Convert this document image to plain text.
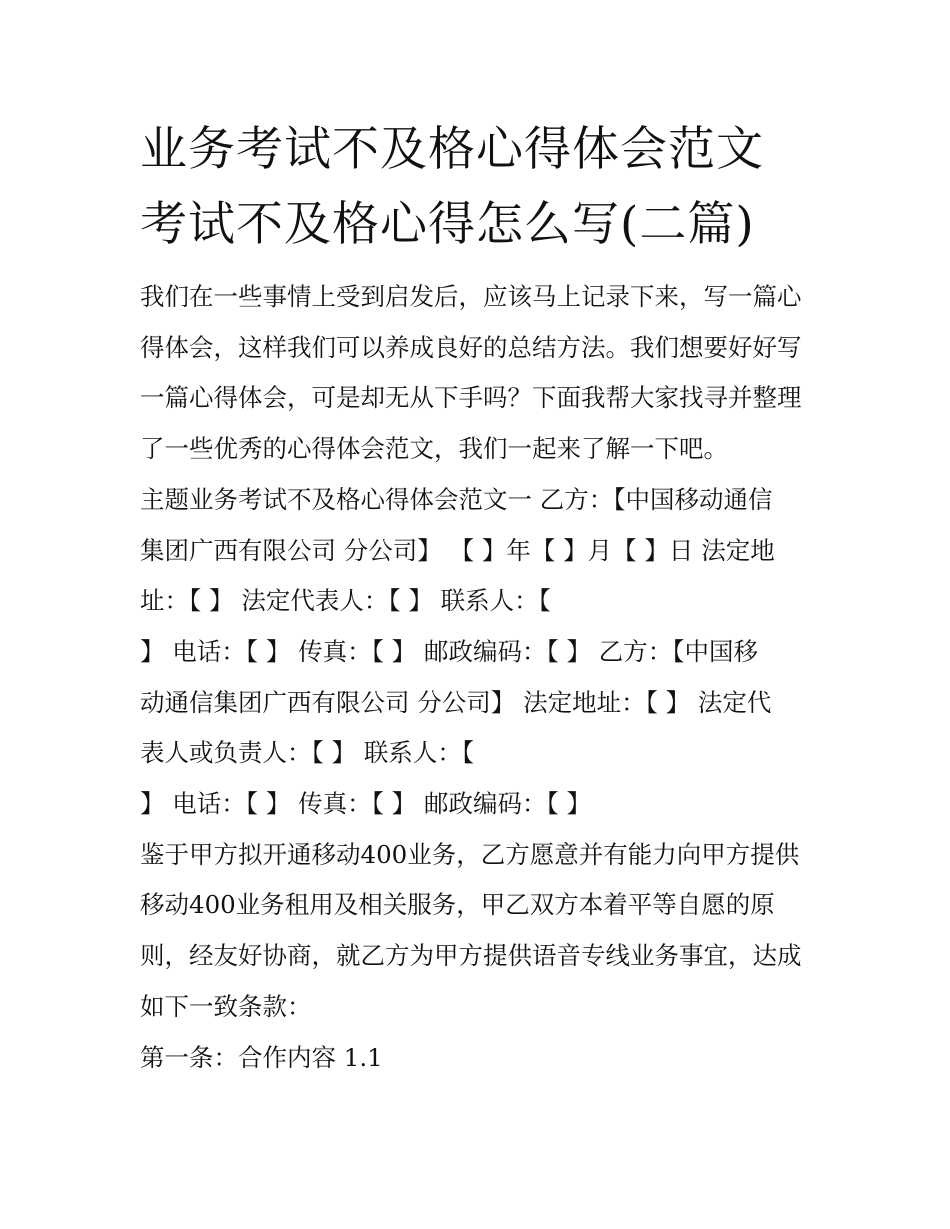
业务考试不及格心得体会范文
考试不及格心得怎么写(二篇)

我们在一些事情上受到启发后，应该马上记录下来，写一篇心
得体会，这样我们可以养成良好的总结方法。我们想要好好写
一篇心得体会，可是却无从下手吗？下面我帮大家找寻并整理
了一些优秀的心得体会范文，我们一起来了解一下吧。

主题业务考试不及格心得体会范文一 乙方：【中国移动通信
集团广西有限公司 分公司】 【 】年【 】月【 】日 法定地
址：【 】 法定代表人：【 】 联系人：【
】 电话：【 】 传真：【 】 邮政编码：【 】 乙方：【中国移
动通信集团广西有限公司 分公司】 法定地址：【 】 法定代
表人或负责人：【 】 联系人：【
】 电话：【 】 传真：【 】 邮政编码：【 】

鉴于甲方拟开通移动400业务，乙方愿意并有能力向甲方提供
移动400业务租用及相关服务，甲乙双方本着平等自愿的原
则，经友好协商，就乙方为甲方提供语音专线业务事宜，达成
如下一致条款：

第一条：合作内容 1.1
